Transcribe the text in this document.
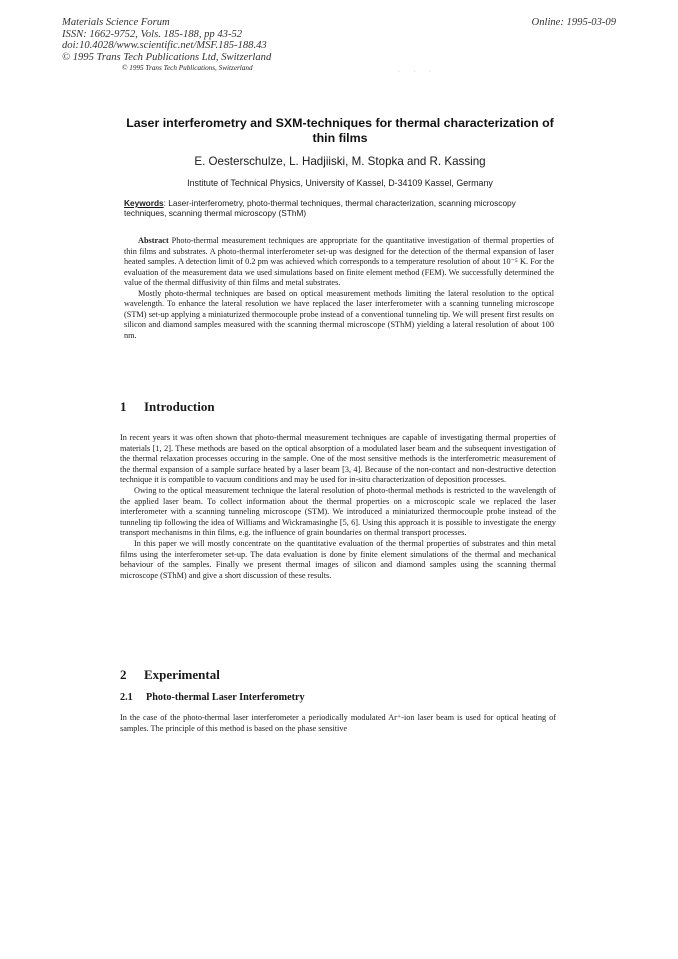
Materials Science Forum
ISSN: 1662-9752, Vols. 185-188, pp 43-52
doi:10.4028/www.scientific.net/MSF.185-188.43
© 1995 Trans Tech Publications Ltd, Switzerland
© 1995 Trans Tech Publications, Switzerland
Online: 1995-03-09
· · ·
Laser interferometry and SXM-techniques for thermal characterization of thin films
E. Oesterschulze, L. Hadjiiski, M. Stopka and R. Kassing
Institute of Technical Physics, University of Kassel, D-34109 Kassel, Germany
Keywords: Laser-interferometry, photo-thermal techniques, thermal characterization, scanning microscopy techniques, scanning thermal microscopy (SThM)

Abstract Photo-thermal measurement techniques are appropriate for the quantitative investigation of thermal properties of thin films and substrates. A photo-thermal interferometer set-up was designed for the detection of the thermal expansion of laser heated samples. A detection limit of 0.2 pm was achieved which corresponds to a temperature resolution of about 10⁻⁵ K. For the evaluation of the measurement data we used simulations based on finite element method (FEM). We successfully determined the value of the thermal diffusivity of thin films and metal substrates.

Mostly photo-thermal techniques are based on optical measurement methods limiting the lateral resolution to the optical wavelength. To enhance the lateral resolution we have replaced the laser interferometer with a scanning tunneling microscope (STM) set-up applying a miniaturized thermocouple probe instead of a conventional tunneling tip. We will present first results on silicon and diamond samples measured with the scanning thermal microscope (SThM) yielding a lateral resolution of about 100 nm.

1 Introduction

In recent years it was often shown that photo-thermal measurement techniques are capable of investigating thermal properties of materials [1, 2]. These methods are based on the optical absorption of a modulated laser beam and the subsequent investigation of the thermal relaxation processes occuring in the sample. One of the most sensitive methods is the interferometric measurement of the thermal expansion of a sample surface heated by a laser beam [3, 4]. Because of the non-contact and non-destructive detection technique it is compatible to vacuum conditions and may be used for in-situ characterization of deposition processes.

Owing to the optical measurement technique the lateral resolution of photo-thermal methods is restricted to the wavelength of the applied laser beam. To collect information about the thermal properties on a microscopic scale we replaced the laser interferometer with a scanning tunneling microscope (STM). We introduced a miniaturized thermocouple probe instead of the tunneling tip following the idea of Williams and Wickramasinghe [5, 6]. Using this approach it is possible to investigate the energy transport mechanisms in thin films, e.g. the influence of grain boundaries on thermal transport processes.

In this paper we will mostly concentrate on the quantitative evaluation of the thermal properties of substrates and thin metal films using the interferometer set-up. The data evaluation is done by finite element simulations of the thermal and mechanical behaviour of the samples. Finally we present thermal images of silicon and diamond samples using the scanning thermal microscope (SThM) and give a short discussion of these results.

2 Experimental
2.1 Photo-thermal Laser Interferometry

In the case of the photo-thermal laser interferometer a periodically modulated Ar⁺-ion laser beam is used for optical heating of samples. The principle of this method is based on the phase sensitive
